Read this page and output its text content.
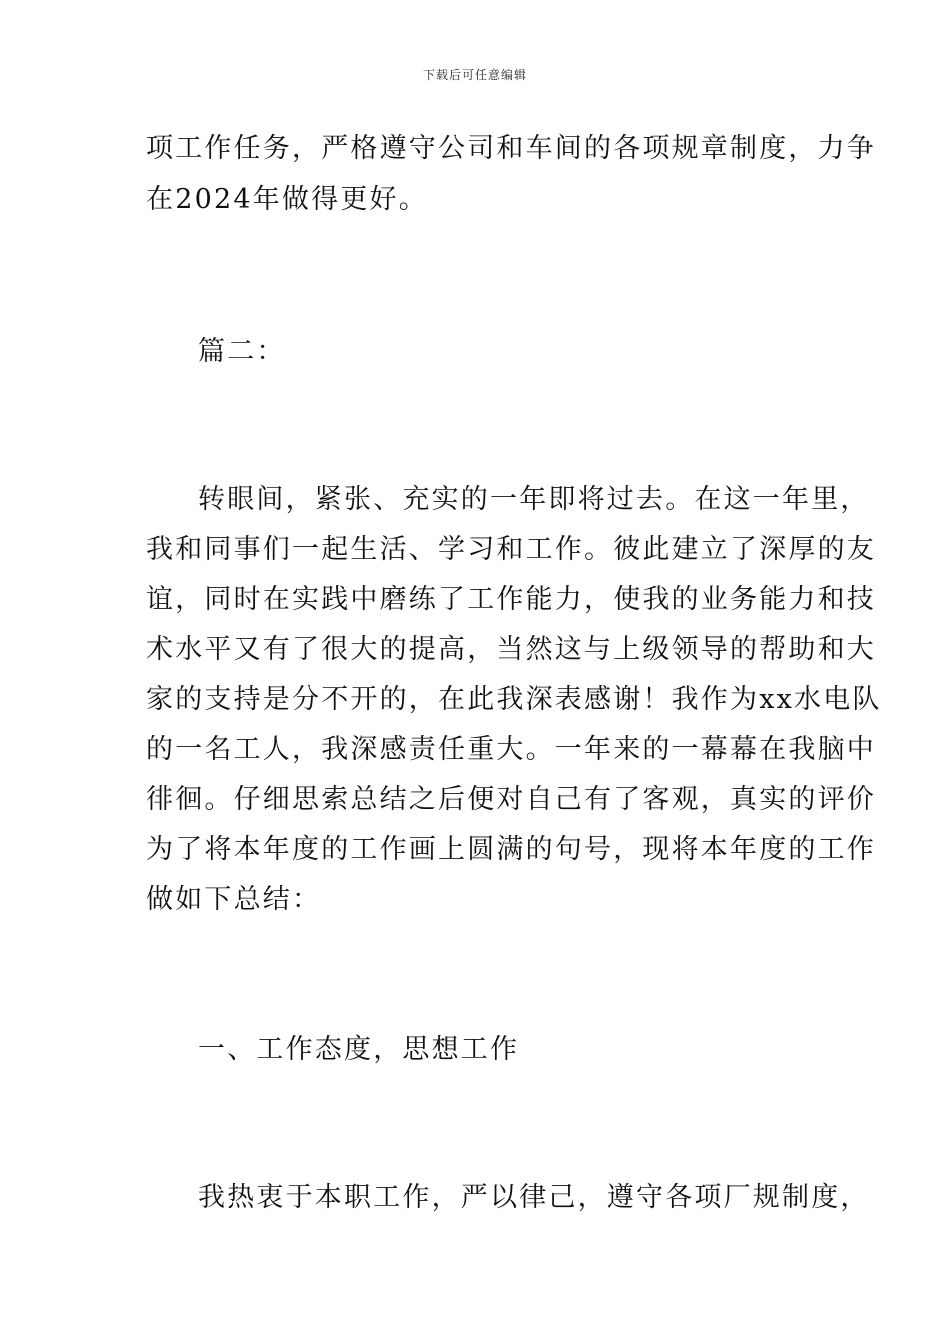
下载后可任意编辑
项工作任务，严格遵守公司和车间的各项规章制度，力争
在2024年做得更好。
篇二：
转眼间，紧张、充实的一年即将过去。在这一年里，
我和同事们一起生活、学习和工作。彼此建立了深厚的友
谊，同时在实践中磨练了工作能力，使我的业务能力和技
术水平又有了很大的提高，当然这与上级领导的帮助和大
家的支持是分不开的，在此我深表感谢！我作为xx水电队
的一名工人，我深感责任重大。一年来的一幕幕在我脑中
徘徊。仔细思索总结之后便对自己有了客观，真实的评价
为了将本年度的工作画上圆满的句号，现将本年度的工作
做如下总结：
一、工作态度，思想工作
我热衷于本职工作，严以律己，遵守各项厂规制度，
